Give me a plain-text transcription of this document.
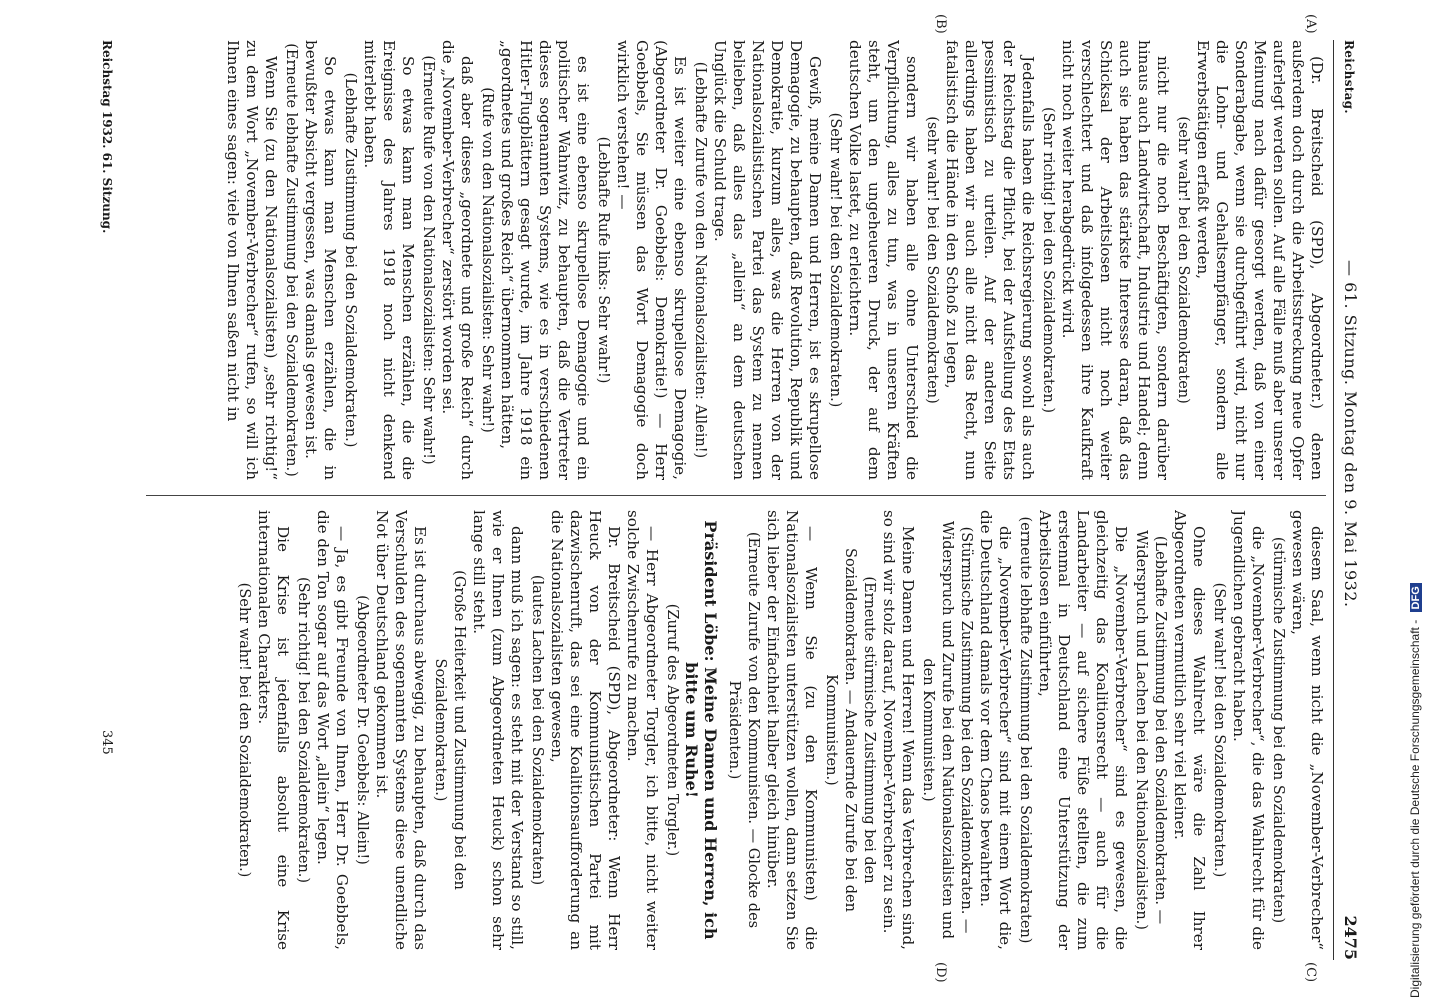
Reichstag.
— 61. Sitzung. Montag den 9. Mai 1932.
2475
(A)
(B)
(C)
(D)

(Dr. Breitscheid (SPD), Abgeordneter.) denen außerdem doch durch die Arbeitsstreckung neue Opfer auferlegt werden sollen. Auf alle Fälle muß aber unserer Meinung nach dafür gesorgt werden, daß von einer Sonderabgabe, wenn sie durchgeführt wird, nicht nur die Lohn- und Gehaltsempfänger, sondern alle Erwerbstätigen erfaßt werden,

(sehr wahr! bei den Sozialdemokraten)

nicht nur die noch Beschäftigten, sondern darüber hinaus auch Landwirtschaft, Industrie und Handel; denn auch sie haben das stärkste Interesse daran, daß das Schicksal der Arbeitslosen nicht noch weiter verschlechtert und daß infolgedessen ihre Kaufkraft nicht noch weiter herabgedrückt wird.

(Sehr richtig! bei den Sozialdemokraten.)

Jedenfalls haben die Reichsregierung sowohl als auch der Reichstag die Pflicht, bei der Aufstellung des Etats pessimistisch zu urteilen. Auf der anderen Seite allerdings haben wir auch alle nicht das Recht, nun fatalistisch die Hände in den Schoß zu legen,

(sehr wahr! bei den Sozialdemokraten)

sondern wir haben alle ohne Unterschied die Verpflichtung, alles zu tun, was in unseren Kräften steht, um den ungeheueren Druck, der auf dem deutschen Volke lastet, zu erleichtern.

(Sehr wahr! bei den Sozialdemokraten.)

Gewiß, meine Damen und Herren, ist es skrupellose Demagogie, zu behaupten, daß Revolution, Republik und Demokratie, kurzum alles, was die Herren von der Nationalsozialistischen Partei das System zu nennen belieben, daß alles das „allein“ an dem deutschen Unglück die Schuld trage.

(Lebhafte Zurufe von den Nationalsozialisten: Allein!)

Es ist weiter eine ebenso skrupellose Demagogie, (Abgeordneter Dr. Goebbels: Demokratie!) — Herr Goebbels, Sie müssen das Wort Demagogie doch wirklich verstehen! —

(Lebhafte Rufe links: Sehr wahr!)

es ist eine ebenso skrupellose Demagogie und ein politischer Wahnwitz, zu behaupten, daß die Vertreter dieses sogenannten Systems, wie es in verschiedenen Hitler-Flugblättern gesagt wurde, im Jahre 1918 ein „geordnetes und großes Reich“ übernommen hätten,

(Rufe von den Nationalsozialisten: Sehr wahr!)

daß aber dieses „geordnete und große Reich“ durch die „November-Verbrecher“ zerstört worden sei.

(Erneute Rufe von den Nationalsozialisten: Sehr wahr!)

So etwas kann man Menschen erzählen, die die Ereignisse des Jahres 1918 noch nicht denkend miterlebt haben.

(Lebhafte Zustimmung bei den Sozialdemokraten.)

So etwas kann man Menschen erzählen, die in bewußter Absicht vergessen, was damals gewesen ist.

(Erneute lebhafte Zustimmung bei den Sozialdemokraten.)

Wenn Sie (zu den Nationalsozialisten) „sehr richtig!“ zu dem Wort „November-Verbrecher“ rufen, so will ich Ihnen eines sagen: viele von Ihnen saßen nicht in

diesem Saal, wenn nicht die „November-Verbrecher“ gewesen wären,

(stürmische Zustimmung bei den Sozialdemokraten)

die „November-Verbrecher“, die das Wahlrecht für die Jugendlichen gebracht haben.

(Sehr wahr! bei den Sozialdemokraten.)

Ohne dieses Wahlrecht wäre die Zahl Ihrer Abgeordneten vermutlich sehr viel kleiner.

(Lebhafte Zustimmung bei den Sozialdemokraten. — Widerspruch und Lachen bei den Nationalsozialisten.)

Die „November-Verbrecher“ sind es gewesen, die gleichzeitig das Koalitionsrecht — auch für die Landarbeiter — auf sichere Füße stellten, die zum erstenmal in Deutschland eine Unterstützung der Arbeitslosen einführten,

(erneute lebhafte Zustimmung bei den Sozialdemokraten)

die „November-Verbrecher“ sind mit einem Wort die, die Deutschland damals vor dem Chaos bewahrten.

(Stürmische Zustimmung bei den Sozialdemokraten. — Widerspruch und Zurufe bei den Nationalsozialisten und den Kommunisten.)

Meine Damen und Herren! Wenn das Verbrechen sind, so sind wir stolz darauf, November-Verbrecher zu sein.

(Erneute stürmische Zustimmung bei den Sozialdemokraten. — Andauernde Zurufe bei den Kommunisten.)

— Wenn Sie (zu den Kommunisten) die Nationalsozialisten unterstützen wollen, dann setzen Sie sich lieber der Einfachheit halber gleich hinüber.

(Erneute Zurufe von den Kommunisten. — Glocke des Präsidenten.)

Präsident Löbe: Meine Damen und Herren, ich bitte um Ruhe!

(Zuruf des Abgeordneten Torgler.)

— Herr Abgeordneter Torgler, ich bitte, nicht weiter solche Zwischenrufe zu machen.

Dr. Breitscheid (SPD), Abgeordneter: Wenn Herr Heuck von der Kommunistischen Partei mit dazwischenruft, das sei eine Koalitionsaufforderung an die Nationalsozialisten gewesen,

(lautes Lachen bei den Sozialdemokraten)

dann muß ich sagen: es steht mit der Verstand so still, wie er Ihnen (zum Abgeordneten Heuck) schon sehr lange still steht.

(Große Heiterkeit und Zustimmung bei den Sozialdemokraten.)

Es ist durchaus abwegig, zu behaupten, daß durch das Verschulden des sogenannten Systems diese unendliche Not über Deutschland gekommen ist.

(Abgeordneter Dr. Goebbels: Allein!)

— Ja, es gibt Freunde von Ihnen, Herr Dr. Goebbels, die den Ton sogar auf das Wort „allein“ legen.

(Sehr richtig! bei den Sozialdemokraten.)

Die Krise ist jedenfalls absolut eine Krise internationalen Charakters.

(Sehr wahr! bei den Sozialdemokraten.)

Reichstag 1932. 61. Sitzung.
345	Digitalisierung gefördert durch die Deutsche Forschungsgemeinschaft - DFG
